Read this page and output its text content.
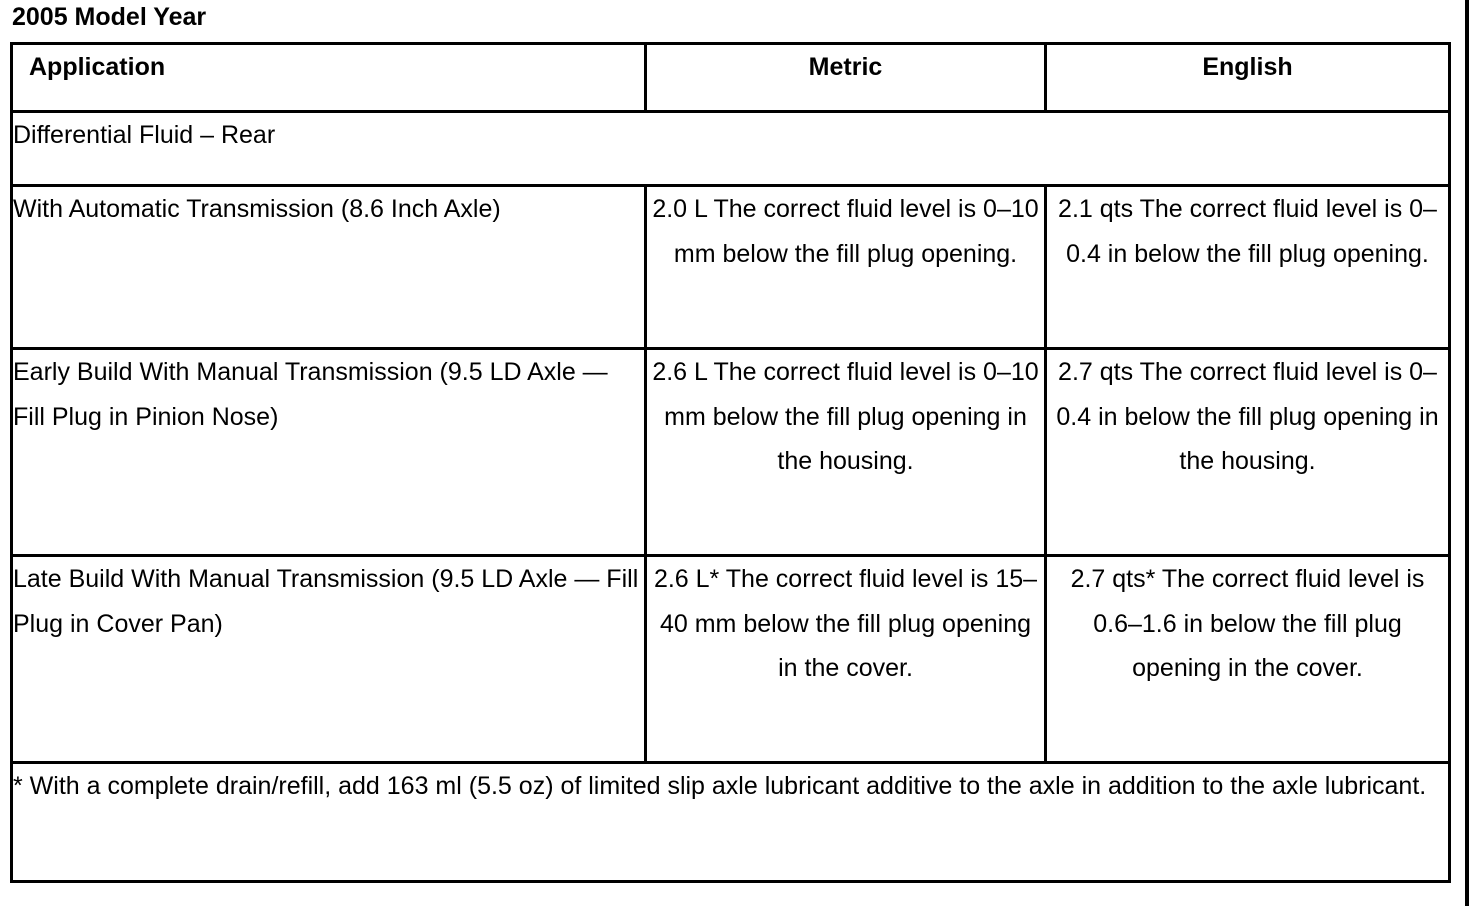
2005 Model Year
Application	Metric	English
Differential Fluid – Rear		

With Automatic Transmission (8.6 Inch Axle)	2.0 L The correct fluid level is 0–10 mm below the fill plug opening.	2.1 qts The correct fluid level is 0–0.4 in below the fill plug opening.

Early Build With Manual Transmission (9.5 LD Axle — Fill Plug in Pinion Nose)	2.6 L The correct fluid level is 0–10 mm below the fill plug opening in the housing.	2.7 qts The correct fluid level is 0–0.4 in below the fill plug opening in the housing.

Late Build With Manual Transmission (9.5 LD Axle — Fill Plug in Cover Pan)	2.6 L* The correct fluid level is 15–40 mm below the fill plug opening in the cover.	2.7 qts* The correct fluid level is 0.6–1.6 in below the fill plug opening in the cover.

* With a complete drain/refill, add 163 ml (5.5 oz) of limited slip axle lubricant additive to the axle in addition to the axle lubricant.		
